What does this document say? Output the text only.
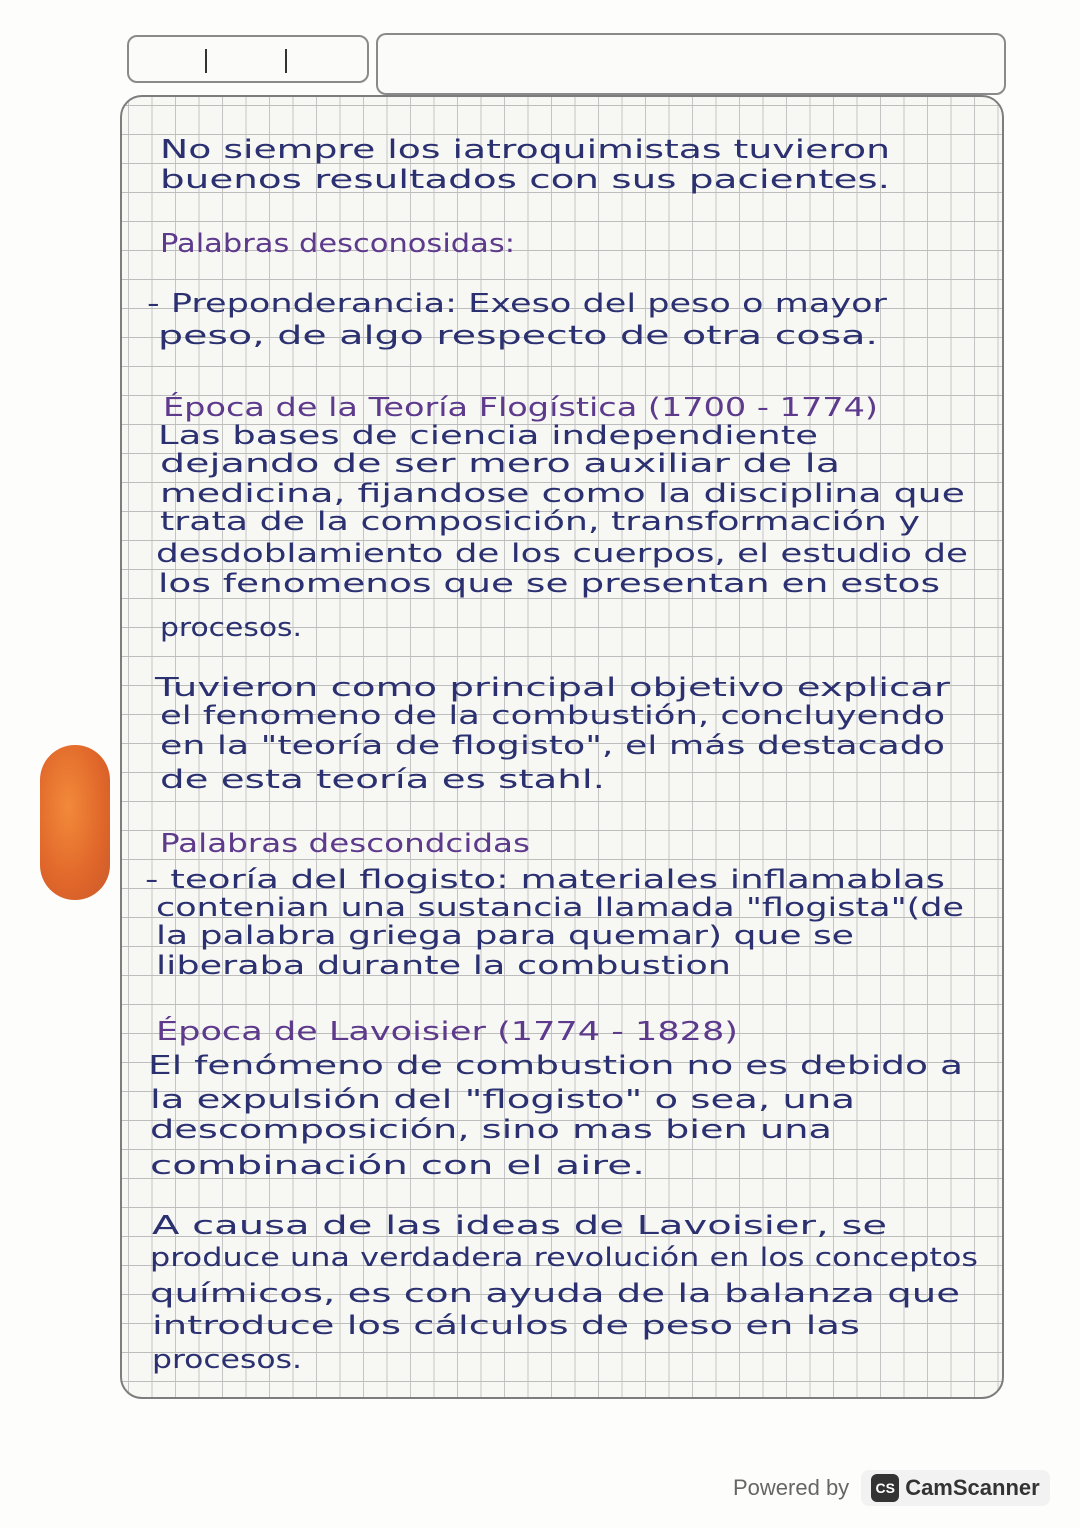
No siempre los iatroquimistas tuvieron
buenos resultados con sus pacientes.
Palabras desconosidas:
- Preponderancia: Exeso del peso o mayor
peso, de algo respecto de otra cosa.
Época de la Teoría Flogística (1700 - 1774)
Las bases de ciencia independiente
dejando de ser mero auxiliar de la
medicina, fijandose como la disciplina que
trata de la composición, transformación y
desdoblamiento de los cuerpos, el estudio de
los fenomenos que se presentan en estos
procesos.
Tuvieron como principal objetivo explicar
el fenomeno de la combustión, concluyendo
en la "teoría de flogisto", el más destacado
de esta teoría es stahl.
Palabras descondcidas
- teoría del flogisto: materiales inflamablas
contenian una sustancia llamada "flogista"(de
la palabra griega para quemar) que se
liberaba durante la combustion
Época de Lavoisier (1774 - 1828)
El fenómeno de combustion no es debido a
la expulsión del "flogisto" o sea, una
descomposición, sino mas bien una
combinación con el aire.
A causa de las ideas de Lavoisier, se
produce una verdadera revolución en los conceptos
químicos, es con ayuda de la balanza que
introduce los cálculos de peso en las
procesos.
Powered by	CS CamScanner
